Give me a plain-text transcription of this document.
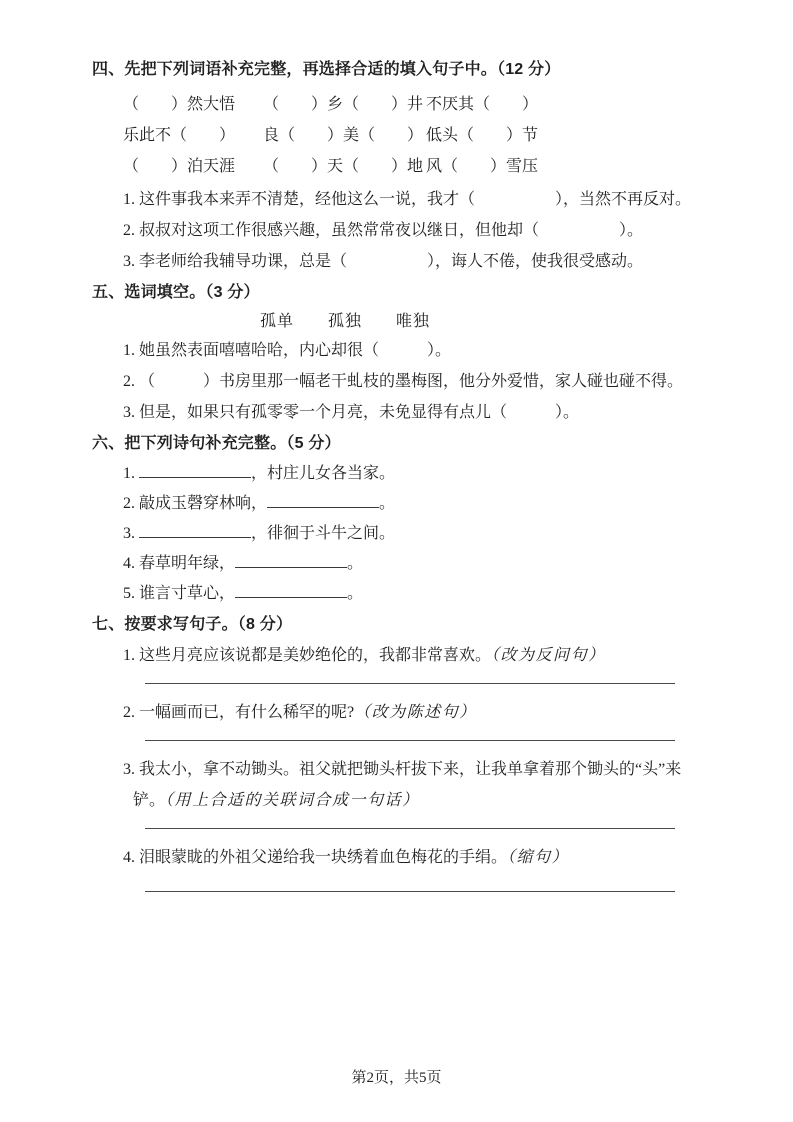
四、先把下列词语补充完整，再选择合适的填入句子中。（12 分）
（　　）然大悟	（　　）乡（　　）井 不厌其（　　）
乐此不（　　）	良（　　）美（　　） 低头（　　）节
（　　）泊天涯	（　　）天（　　）地 风（　　）雪压
1. 这件事我本来弄不清楚，经他这么一说，我才（　　　　　），当然不再反对。
2. 叔叔对这项工作很感兴趣，虽然常常夜以继日，但他却（　　　　　）。
3. 李老师给我辅导功课，总是（　　　　　），诲人不倦，使我很受感动。
五、选词填空。（3 分）
孤单　　孤独　　唯独
1. 她虽然表面嘻嘻哈哈，内心却很（　　　）。
2. （　　　）书房里那一幅老干虬枝的墨梅图，他分外爱惜，家人碰也碰不得。
3. 但是，如果只有孤零零一个月亮，未免显得有点儿（　　　）。
六、把下列诗句补充完整。（5 分）
1.	，村庄儿女各当家。
2. 敲成玉磬穿林响，	。
3.	，徘徊于斗牛之间。
4. 春草明年绿，	。
5. 谁言寸草心，	。
七、按要求写句子。（8 分）
1. 这些月亮应该说都是美妙绝伦的，我都非常喜欢。（改为反问句）
2. 一幅画而已，有什么稀罕的呢?（改为陈述句）
3. 我太小，拿不动锄头。祖父就把锄头杆拔下来，让我单拿着那个锄头的“头”来铲。（用上合适的关联词合成一句话）
4. 泪眼蒙眬的外祖父递给我一块绣着血色梅花的手绢。（缩句）
第2页，共5页
